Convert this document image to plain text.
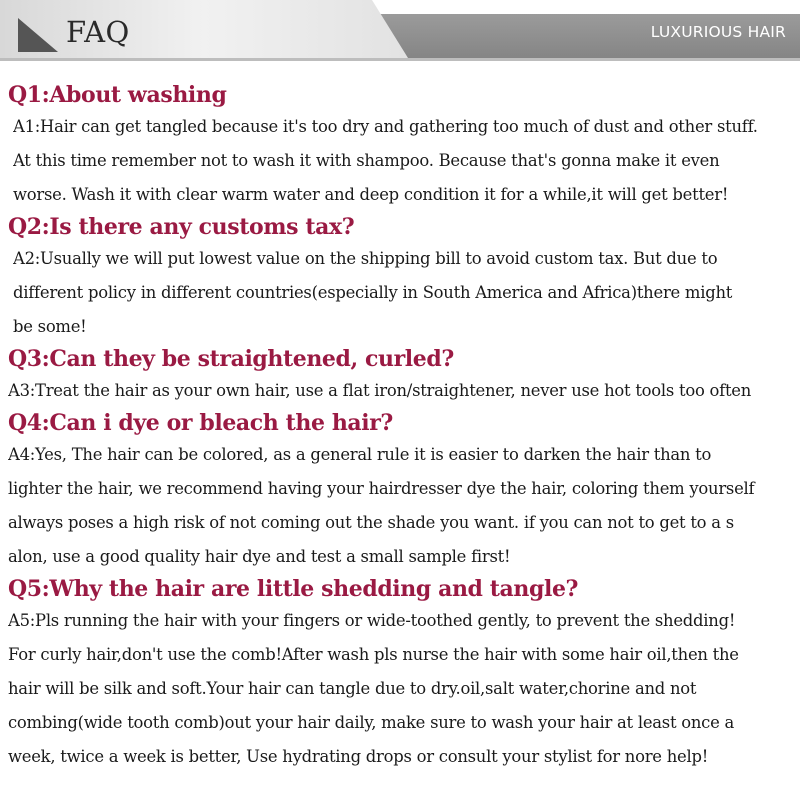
FAQ	LUXURIOUS HAIR
Q1:About washing
A1:Hair can get tangled because it's too dry and gathering too much of dust and other stuff.
At this time remember not to wash it with shampoo. Because that's gonna make it even
worse. Wash it with clear warm water and deep condition it for a while,it will get better!
Q2:Is there any customs tax?
A2:Usually we will put lowest value on the shipping bill to avoid custom tax. But due to
different policy in different countries(especially in South America and Africa)there might
be some!
Q3:Can they be straightened, curled?
A3:Treat the hair as your own hair, use a flat iron/straightener, never use hot tools too often
Q4:Can i dye or bleach the hair?
A4:Yes, The hair can be colored, as a general rule it is easier to darken the hair than to
lighter the hair, we recommend having your hairdresser dye the hair, coloring them yourself
always poses a high risk of not coming out the shade you want. if you can not to get to a s
alon, use a good quality hair dye and test a small sample first!
Q5:Why the hair are little shedding and tangle?
A5:Pls running the hair with your fingers or wide-toothed gently, to prevent the shedding!
For curly hair,don't use the comb!After wash pls nurse the hair with some hair oil,then the
hair will be silk and soft.Your hair can tangle due to dry.oil,salt water,chorine and not
combing(wide tooth comb)out your hair daily, make sure to wash your hair at least once a
week, twice a week is better, Use hydrating drops or consult your stylist for nore help!
